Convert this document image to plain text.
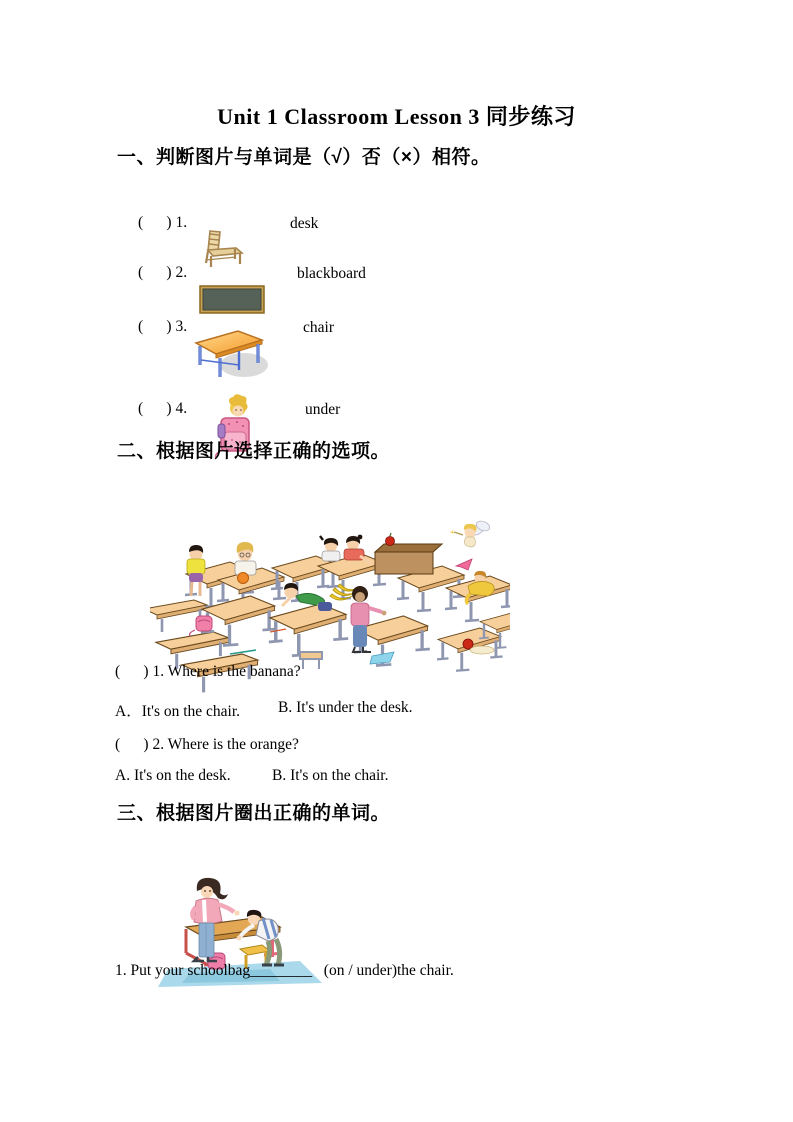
Unit 1 Classroom Lesson 3 同步练习
一、判断图片与单词是（√）否（×）相符。
(      ) 1.	desk

(      ) 2.	blackboard

(      ) 3.	chair

(      ) 4.	under

二、根据图片选择正确的选项。

(      ) 1. Where is the banana?
A．It's on the chair. B. It's under the desk.
(      ) 2. Where is the orange?
A. It's on the desk.	B. It's on the chair.
三、根据图片圈出正确的单词。

1. Put your schoolbag________   (on / under)the chair.
